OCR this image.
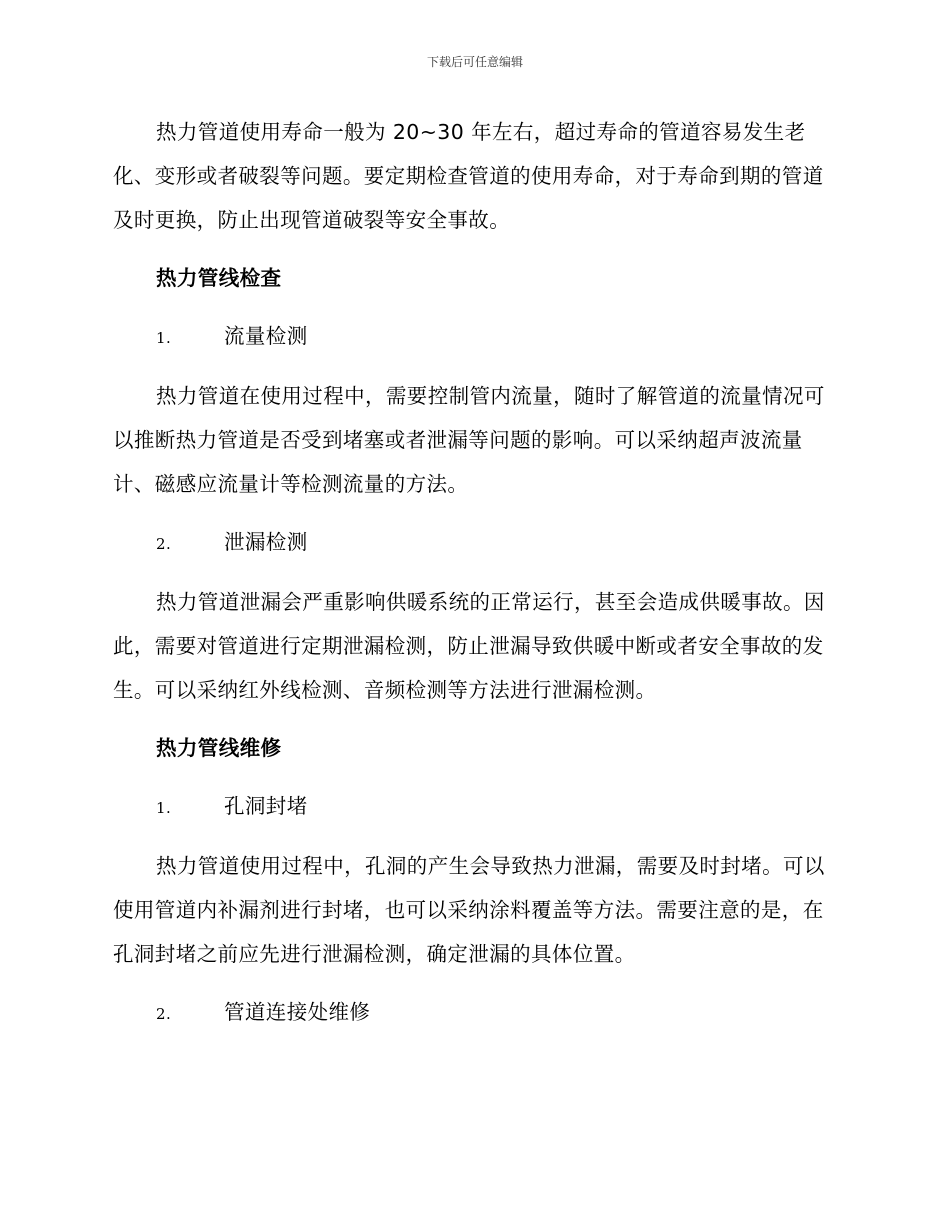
下载后可任意编辑

热力管道使用寿命一般为 20~30 年左右，超过寿命的管道容易发生老化、变形或者破裂等问题。要定期检查管道的使用寿命，对于寿命到期的管道及时更换，防止出现管道破裂等安全事故。

热力管线检查

1.	流量检测

热力管道在使用过程中，需要控制管内流量，随时了解管道的流量情况可以推断热力管道是否受到堵塞或者泄漏等问题的影响。可以采纳超声波流量计、磁感应流量计等检测流量的方法。

2.	泄漏检测

热力管道泄漏会严重影响供暖系统的正常运行，甚至会造成供暖事故。因此，需要对管道进行定期泄漏检测，防止泄漏导致供暖中断或者安全事故的发生。可以采纳红外线检测、音频检测等方法进行泄漏检测。

热力管线维修

1.	孔洞封堵

热力管道使用过程中，孔洞的产生会导致热力泄漏，需要及时封堵。可以使用管道内补漏剂进行封堵，也可以采纳涂料覆盖等方法。需要注意的是，在孔洞封堵之前应先进行泄漏检测，确定泄漏的具体位置。

2.	管道连接处维修
